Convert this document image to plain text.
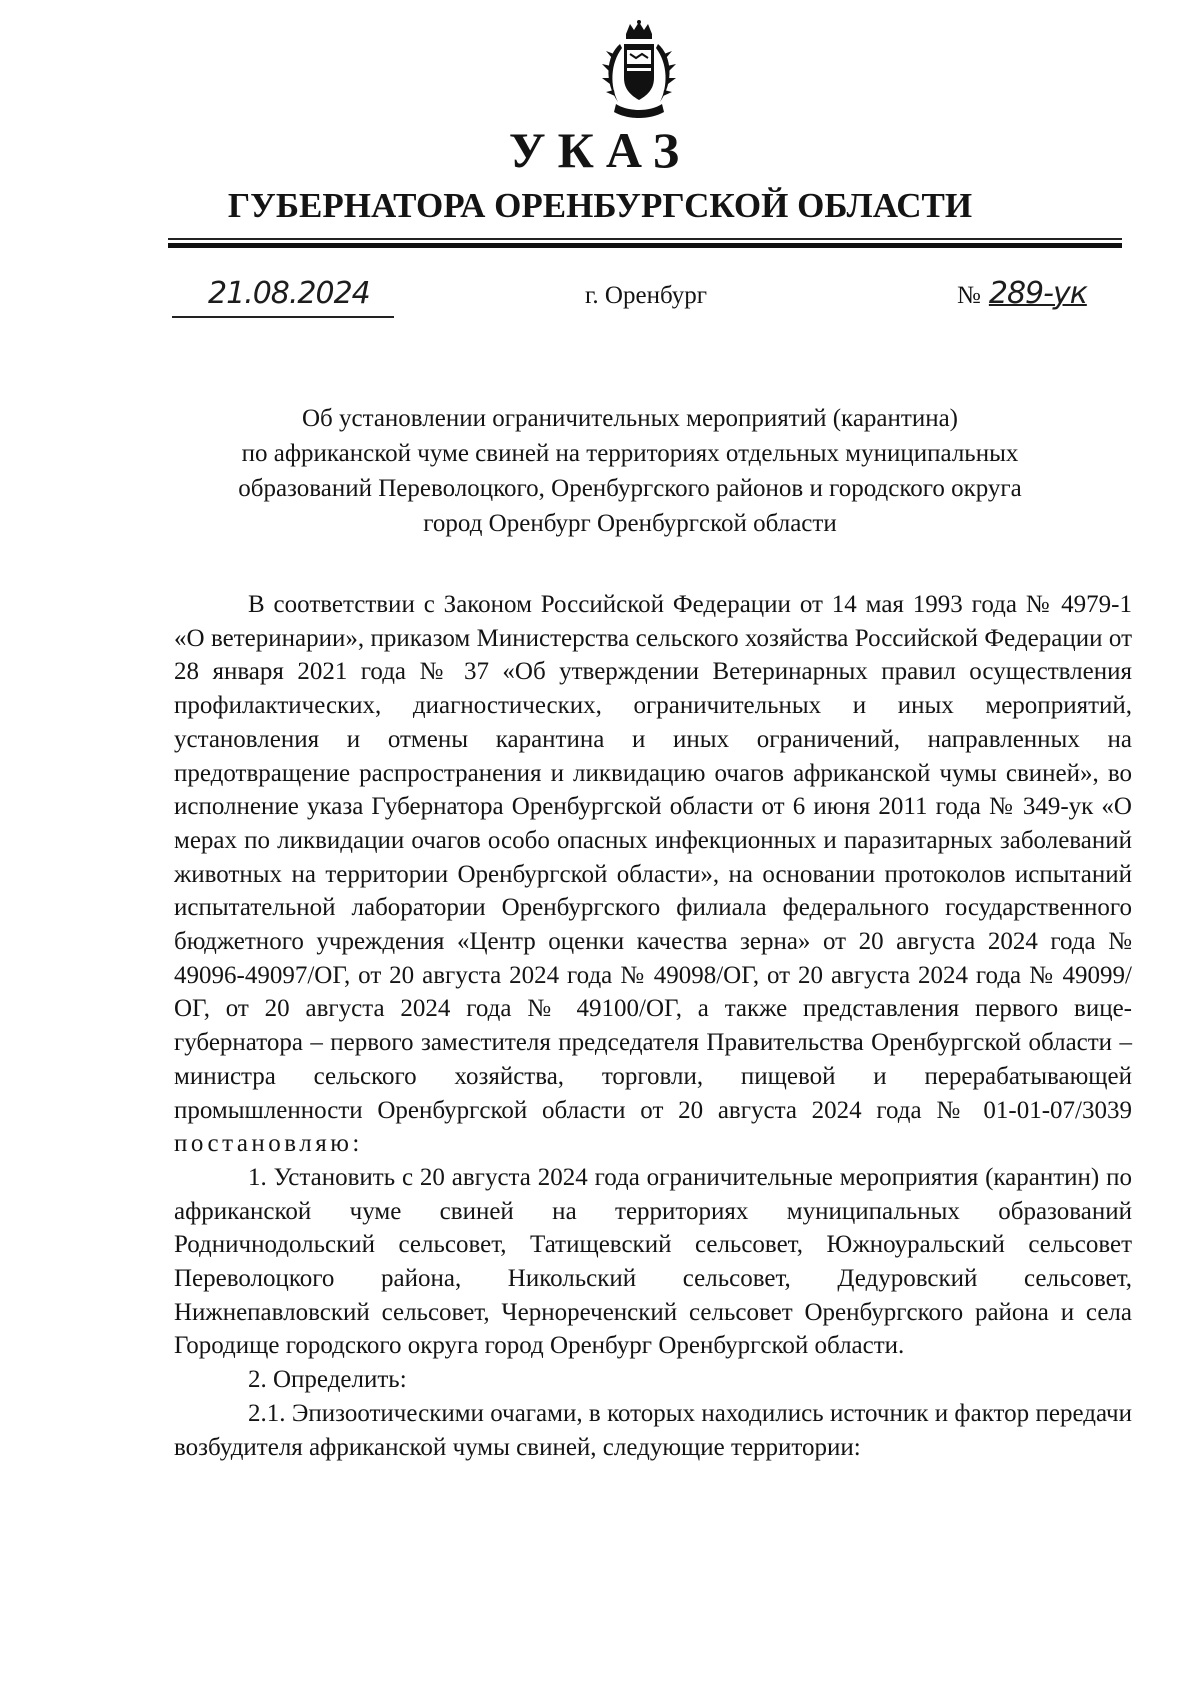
УКАЗ
ГУБЕРНАТОРА ОРЕНБУРГСКОЙ ОБЛАСТИ
21.08.2024	г. Оренбург	№ 289-ук
Об установлении ограничительных мероприятий (карантина)
по африканской чуме свиней на территориях отдельных муниципальных
образований Переволоцкого, Оренбургского районов и городского округа
город Оренбург Оренбургской области

В соответствии с Законом Российской Федерации от 14 мая 1993 года № 4979-1 «О ветеринарии», приказом Министерства сельского хозяйства Российской Федерации от 28 января 2021 года № 37 «Об утверждении Ветеринарных правил осуществления профилактических, диагностических, ограничительных и иных мероприятий, установления и отмены карантина и иных ограничений, направленных на предотвращение распространения и ликвидацию очагов африканской чумы свиней», во исполнение указа Губернатора Оренбургской области от 6 июня 2011 года № 349-ук «О мерах по ликвидации очагов особо опасных инфекционных и паразитарных заболеваний животных на территории Оренбургской области», на основании протоколов испытаний испытательной лаборатории Оренбургского филиала федерального государственного бюджетного учреждения «Центр оценки качества зерна» от 20 августа 2024 года № 49096-49097/ОГ, от 20 августа 2024 года № 49098/ОГ, от 20 августа 2024 года № 49099/ОГ, от 20 августа 2024 года № 49100/ОГ, а также представления первого вице-губернатора – первого заместителя председателя Правительства Оренбургской области – министра сельского хозяйства, торговли, пищевой и перерабатывающей промышленности Оренбургской области от 20 августа 2024 года № 01-01-07/3039 постановляю:

1. Установить с 20 августа 2024 года ограничительные мероприятия (карантин) по африканской чуме свиней на территориях муниципальных образований Родничнодольский сельсовет, Татищевский сельсовет, Южноуральский сельсовет Переволоцкого района, Никольский сельсовет, Дедуровский сельсовет, Нижнепавловский сельсовет, Чернореченский сельсовет Оренбургского района и села Городище городского округа город Оренбург Оренбургской области.

2. Определить:

2.1. Эпизоотическими очагами, в которых находились источник и фактор передачи возбудителя африканской чумы свиней, следующие территории:
